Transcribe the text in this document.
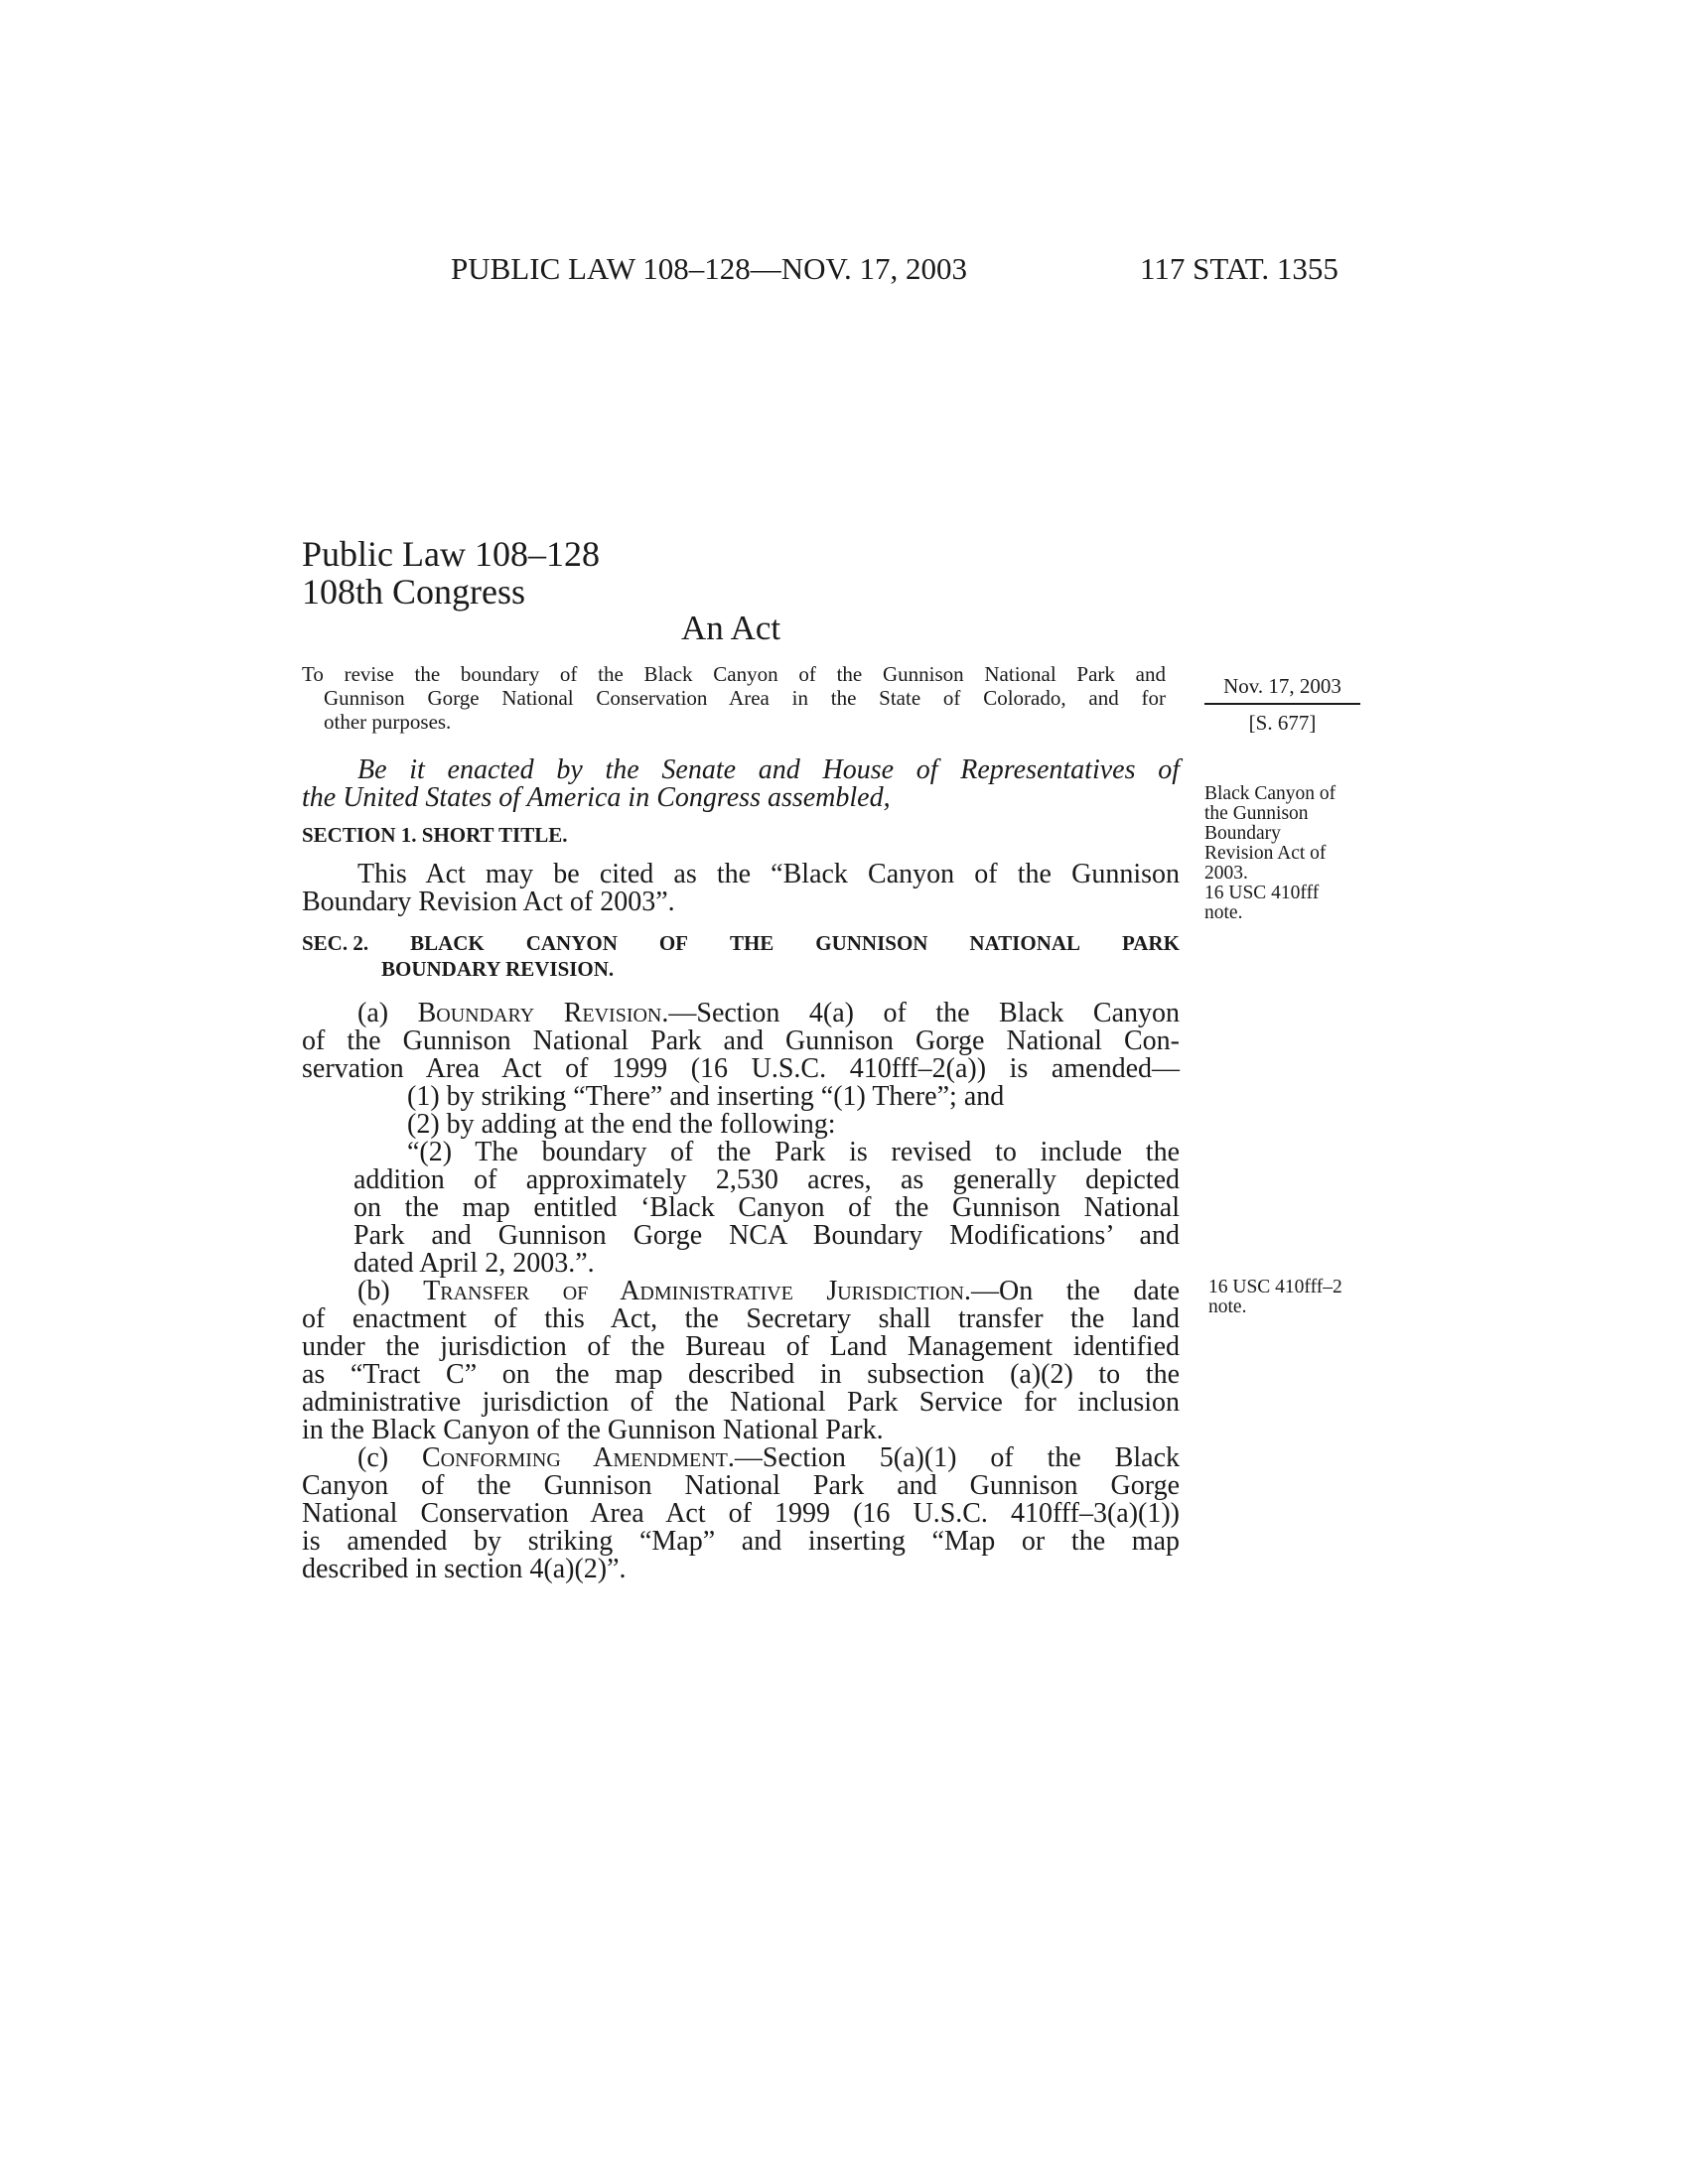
PUBLIC LAW 108–128—NOV. 17, 2003	117 STAT. 1355
Public Law 108–128
108th Congress
An Act
To revise the boundary of the Black Canyon of the Gunnison National Park and
Gunnison Gorge National Conservation Area in the State of Colorado, and for
other purposes.
Nov. 17, 2003
[S. 677]
Be it enacted by the Senate and House of Representatives of
the United States of America in Congress assembled,
SECTION 1. SHORT TITLE.
This Act may be cited as the “Black Canyon of the Gunnison
Boundary Revision Act of 2003”.
SEC. 2. BLACK CANYON OF THE GUNNISON NATIONAL PARK
BOUNDARY REVISION.
(a) Boundary Revision.—Section 4(a) of the Black Canyon
of the Gunnison National Park and Gunnison Gorge National Con-
servation Area Act of 1999 (16 U.S.C. 410fff–2(a)) is amended—
(1) by striking “There” and inserting “(1) There”; and
(2) by adding at the end the following:
“(2) The boundary of the Park is revised to include the
addition of approximately 2,530 acres, as generally depicted
on the map entitled ‘Black Canyon of the Gunnison National
Park and Gunnison Gorge NCA Boundary Modifications’ and
dated April 2, 2003.”.
(b) Transfer of Administrative Jurisdiction.—On the date
of enactment of this Act, the Secretary shall transfer the land
under the jurisdiction of the Bureau of Land Management identified
as “Tract C” on the map described in subsection (a)(2) to the
administrative jurisdiction of the National Park Service for inclusion
in the Black Canyon of the Gunnison National Park.
(c) Conforming Amendment.—Section 5(a)(1) of the Black
Canyon of the Gunnison National Park and Gunnison Gorge
National Conservation Area Act of 1999 (16 U.S.C. 410fff–3(a)(1))
is amended by striking “Map” and inserting “Map or the map
described in section 4(a)(2)”.
Black Canyon of
the Gunnison
Boundary
Revision Act of
2003.
16 USC 410fff
note.
16 USC 410fff–2
note.
